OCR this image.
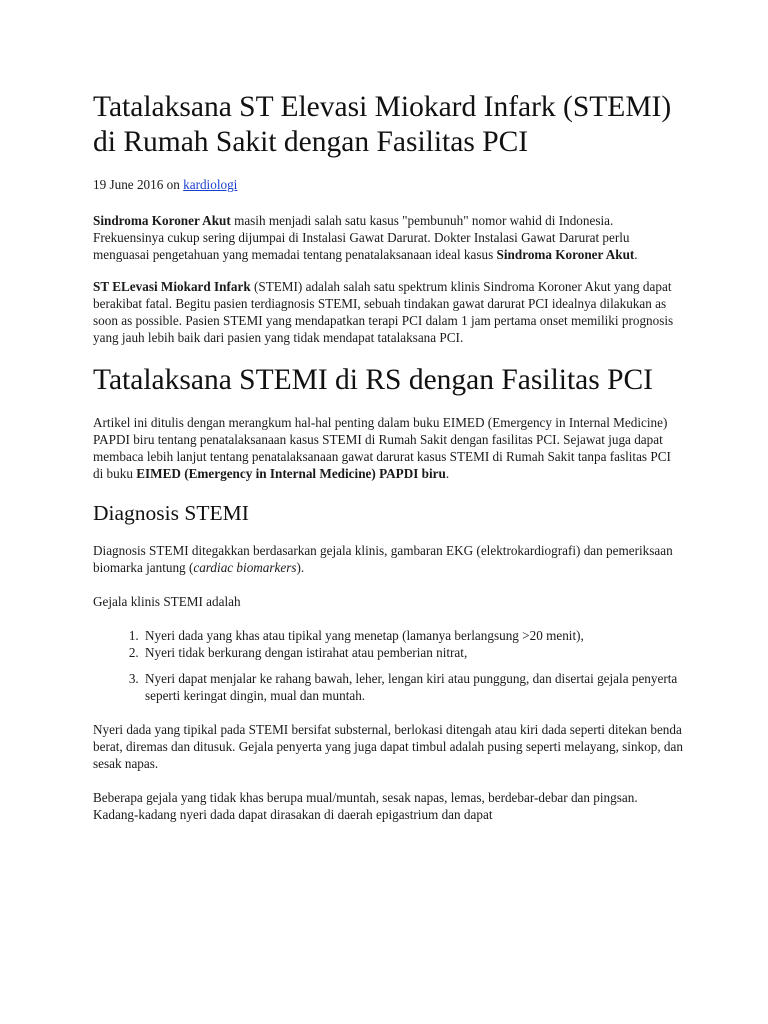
Tatalaksana ST Elevasi Miokard Infark (STEMI) di Rumah Sakit dengan Fasilitas PCI

19 June 2016 on kardiologi

Sindroma Koroner Akut masih menjadi salah satu kasus "pembunuh" nomor wahid di Indonesia. Frekuensinya cukup sering dijumpai di Instalasi Gawat Darurat. Dokter Instalasi Gawat Darurat perlu menguasai pengetahuan yang memadai tentang penatalaksanaan ideal kasus Sindroma Koroner Akut.

ST ELevasi Miokard Infark (STEMI) adalah salah satu spektrum klinis Sindroma Koroner Akut yang dapat berakibat fatal. Begitu pasien terdiagnosis STEMI, sebuah tindakan gawat darurat PCI idealnya dilakukan as soon as possible. Pasien STEMI yang mendapatkan terapi PCI dalam 1 jam pertama onset memiliki prognosis yang jauh lebih baik dari pasien yang tidak mendapat tatalaksana PCI.

Tatalaksana STEMI di RS dengan Fasilitas PCI

Artikel ini ditulis dengan merangkum hal-hal penting dalam buku EIMED (Emergency in Internal Medicine) PAPDI biru tentang penatalaksanaan kasus STEMI di Rumah Sakit dengan fasilitas PCI. Sejawat juga dapat membaca lebih lanjut tentang penatalaksanaan gawat darurat kasus STEMI di Rumah Sakit tanpa faslitas PCI di buku EIMED (Emergency in Internal Medicine) PAPDI biru.

Diagnosis STEMI

Diagnosis STEMI ditegakkan berdasarkan gejala klinis, gambaran EKG (elektrokardiografi) dan pemeriksaan biomarka jantung (cardiac biomarkers).

Gejala klinis STEMI adalah

1. Nyeri dada yang khas atau tipikal yang menetap (lamanya berlangsung >20 menit),
2. Nyeri tidak berkurang dengan istirahat atau pemberian nitrat,
3. Nyeri dapat menjalar ke rahang bawah, leher, lengan kiri atau punggung, dan disertai gejala penyerta seperti keringat dingin, mual dan muntah.

Nyeri dada yang tipikal pada STEMI bersifat substernal, berlokasi ditengah atau kiri dada seperti ditekan benda berat, diremas dan ditusuk. Gejala penyerta yang juga dapat timbul adalah pusing seperti melayang, sinkop, dan sesak napas.

Beberapa gejala yang tidak khas berupa mual/muntah, sesak napas, lemas, berdebar-debar dan pingsan. Kadang-kadang nyeri dada dapat dirasakan di daerah epigastrium dan dapat
